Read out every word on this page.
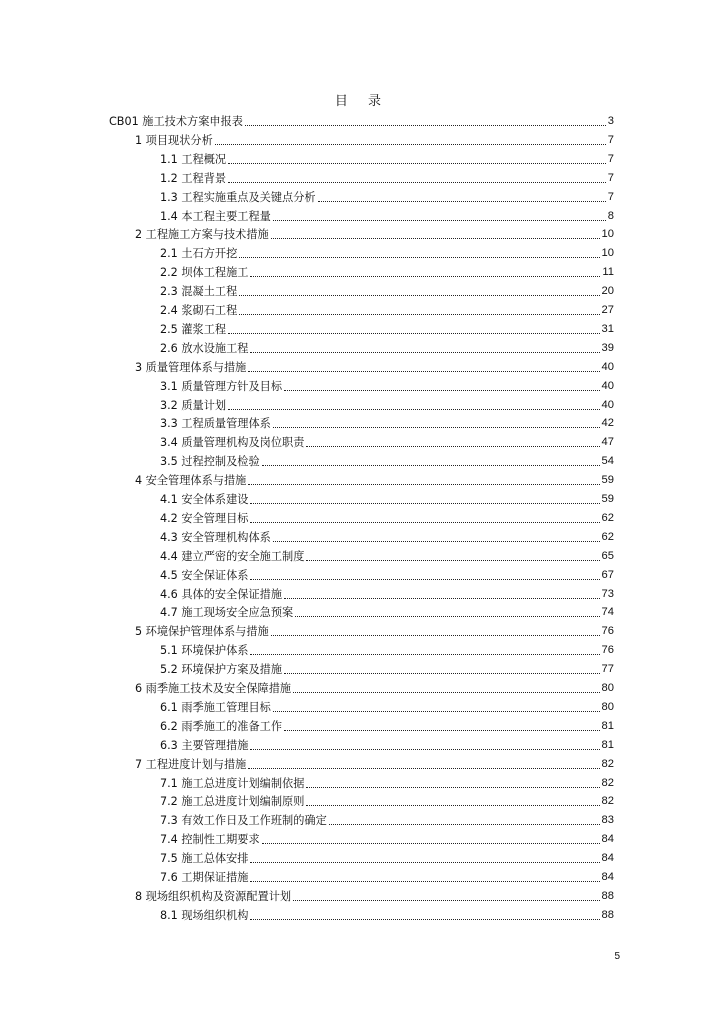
目 录
CB01 施工技术方案申报表	3
1 项目现状分析	7
1.1 工程概况	7
1.2 工程背景	7
1.3 工程实施重点及关键点分析	7
1.4 本工程主要工程量	8
2 工程施工方案与技术措施	10
2.1 土石方开挖	10
2.2 坝体工程施工	11
2.3 混凝土工程	20
2.4 浆砌石工程	27
2.5 灌浆工程	31
2.6 放水设施工程	39
3 质量管理体系与措施	40
3.1 质量管理方针及目标	40
3.2 质量计划	40
3.3 工程质量管理体系	42
3.4 质量管理机构及岗位职责	47
3.5 过程控制及检验	54
4 安全管理体系与措施	59
4.1 安全体系建设	59
4.2 安全管理目标	62
4.3 安全管理机构体系	62
4.4 建立严密的安全施工制度	65
4.5 安全保证体系	67
4.6 具体的安全保证措施	73
4.7 施工现场安全应急预案	74
5 环境保护管理体系与措施	76
5.1 环境保护体系	76
5.2 环境保护方案及措施	77
6 雨季施工技术及安全保障措施	80
6.1 雨季施工管理目标	80
6.2 雨季施工的准备工作	81
6.3 主要管理措施	81
7 工程进度计划与措施	82
7.1 施工总进度计划编制依据	82
7.2 施工总进度计划编制原则	82
7.3 有效工作日及工作班制的确定	83
7.4 控制性工期要求	84
7.5 施工总体安排	84
7.6 工期保证措施	84
8 现场组织机构及资源配置计划	88
8.1 现场组织机构	88
5
